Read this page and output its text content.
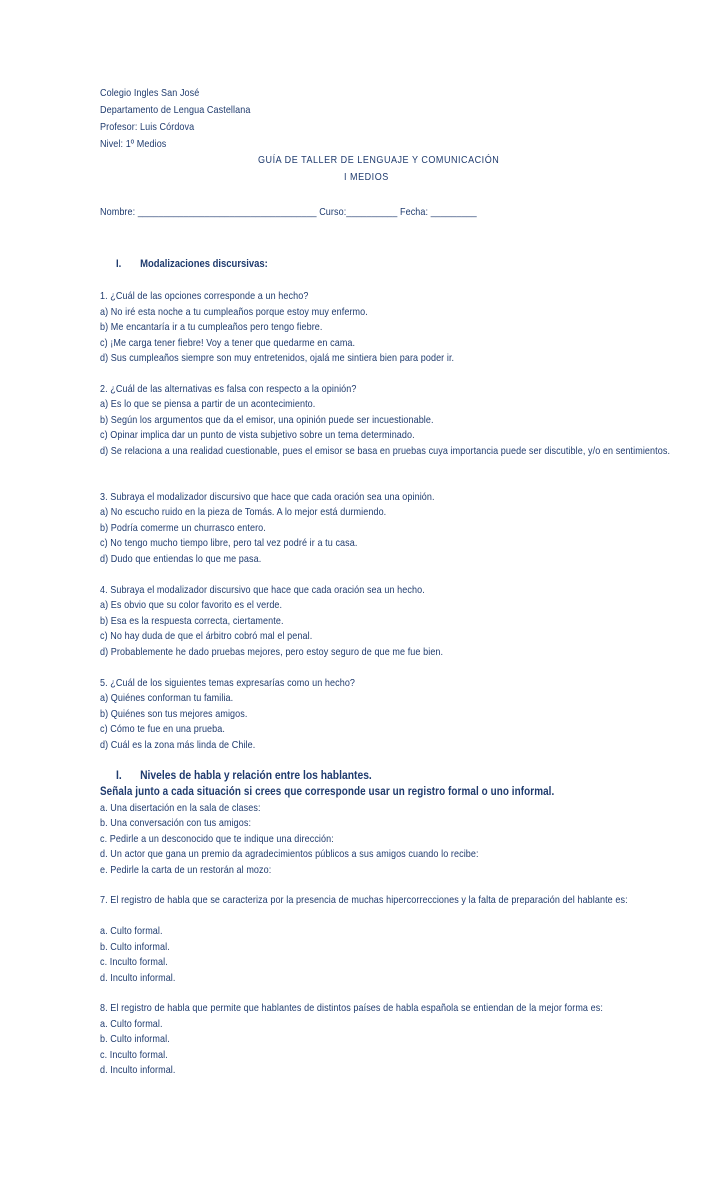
Colegio Ingles San José
Departamento de Lengua Castellana
Profesor: Luis Córdova
Nivel: 1º Medios
GUÍA DE TALLER DE LENGUAJE Y COMUNICACIÓN
I MEDIOS
Nombre: ___________________________________ Curso:__________ Fecha: _________
I. Modalizaciones discursivas:
1. ¿Cuál de las opciones corresponde a un hecho?
a) No iré esta noche a tu cumpleaños porque estoy muy enfermo.
b) Me encantaría ir a tu cumpleaños pero tengo fiebre.
c) ¡Me carga tener fiebre! Voy a tener que quedarme en cama.
d) Sus cumpleaños siempre son muy entretenidos, ojalá me sintiera bien para poder ir.
2. ¿Cuál de las alternativas es falsa con respecto a la opinión?
a) Es lo que se piensa a partir de un acontecimiento.
b) Según los argumentos que da el emisor, una opinión puede ser incuestionable.
c) Opinar implica dar un punto de vista subjetivo sobre un tema determinado.
d) Se relaciona a una realidad cuestionable, pues el emisor se basa en pruebas cuya importancia puede ser discutible, y/o en sentimientos.
3. Subraya el modalizador discursivo que hace que cada oración sea una opinión.
a) No escucho ruido en la pieza de Tomás. A lo mejor está durmiendo.
b) Podría comerme un churrasco entero.
c) No tengo mucho tiempo libre, pero tal vez podré ir a tu casa.
d) Dudo que entiendas lo que me pasa.
4. Subraya el modalizador discursivo que hace que cada oración sea un hecho.
a) Es obvio que su color favorito es el verde.
b) Esa es la respuesta correcta, ciertamente.
c) No hay duda de que el árbitro cobró mal el penal.
d) Probablemente he dado pruebas mejores, pero estoy seguro de que me fue bien.
5. ¿Cuál de los siguientes temas expresarías como un hecho?
a) Quiénes conforman tu familia.
b) Quiénes son tus mejores amigos.
c) Cómo te fue en una prueba.
d) Cuál es la zona más linda de Chile.
I. Niveles de habla y relación entre los hablantes.
Señala junto a cada situación si crees que corresponde usar un registro formal o uno informal.
a. Una disertación en la sala de clases:
b. Una conversación con tus amigos:
c. Pedirle a un desconocido que te indique una dirección:
d. Un actor que gana un premio da agradecimientos públicos a sus amigos cuando lo recibe:
e. Pedirle la carta de un restorán al mozo:
7. El registro de habla que se caracteriza por la presencia de muchas hipercorrecciones y la falta de preparación del hablante es:
a. Culto formal.
b. Culto informal.
c. Inculto formal.
d. Inculto informal.
8. El registro de habla que permite que hablantes de distintos países de habla española se entiendan de la mejor forma es:
a. Culto formal.
b. Culto informal.
c. Inculto formal.
d. Inculto informal.
